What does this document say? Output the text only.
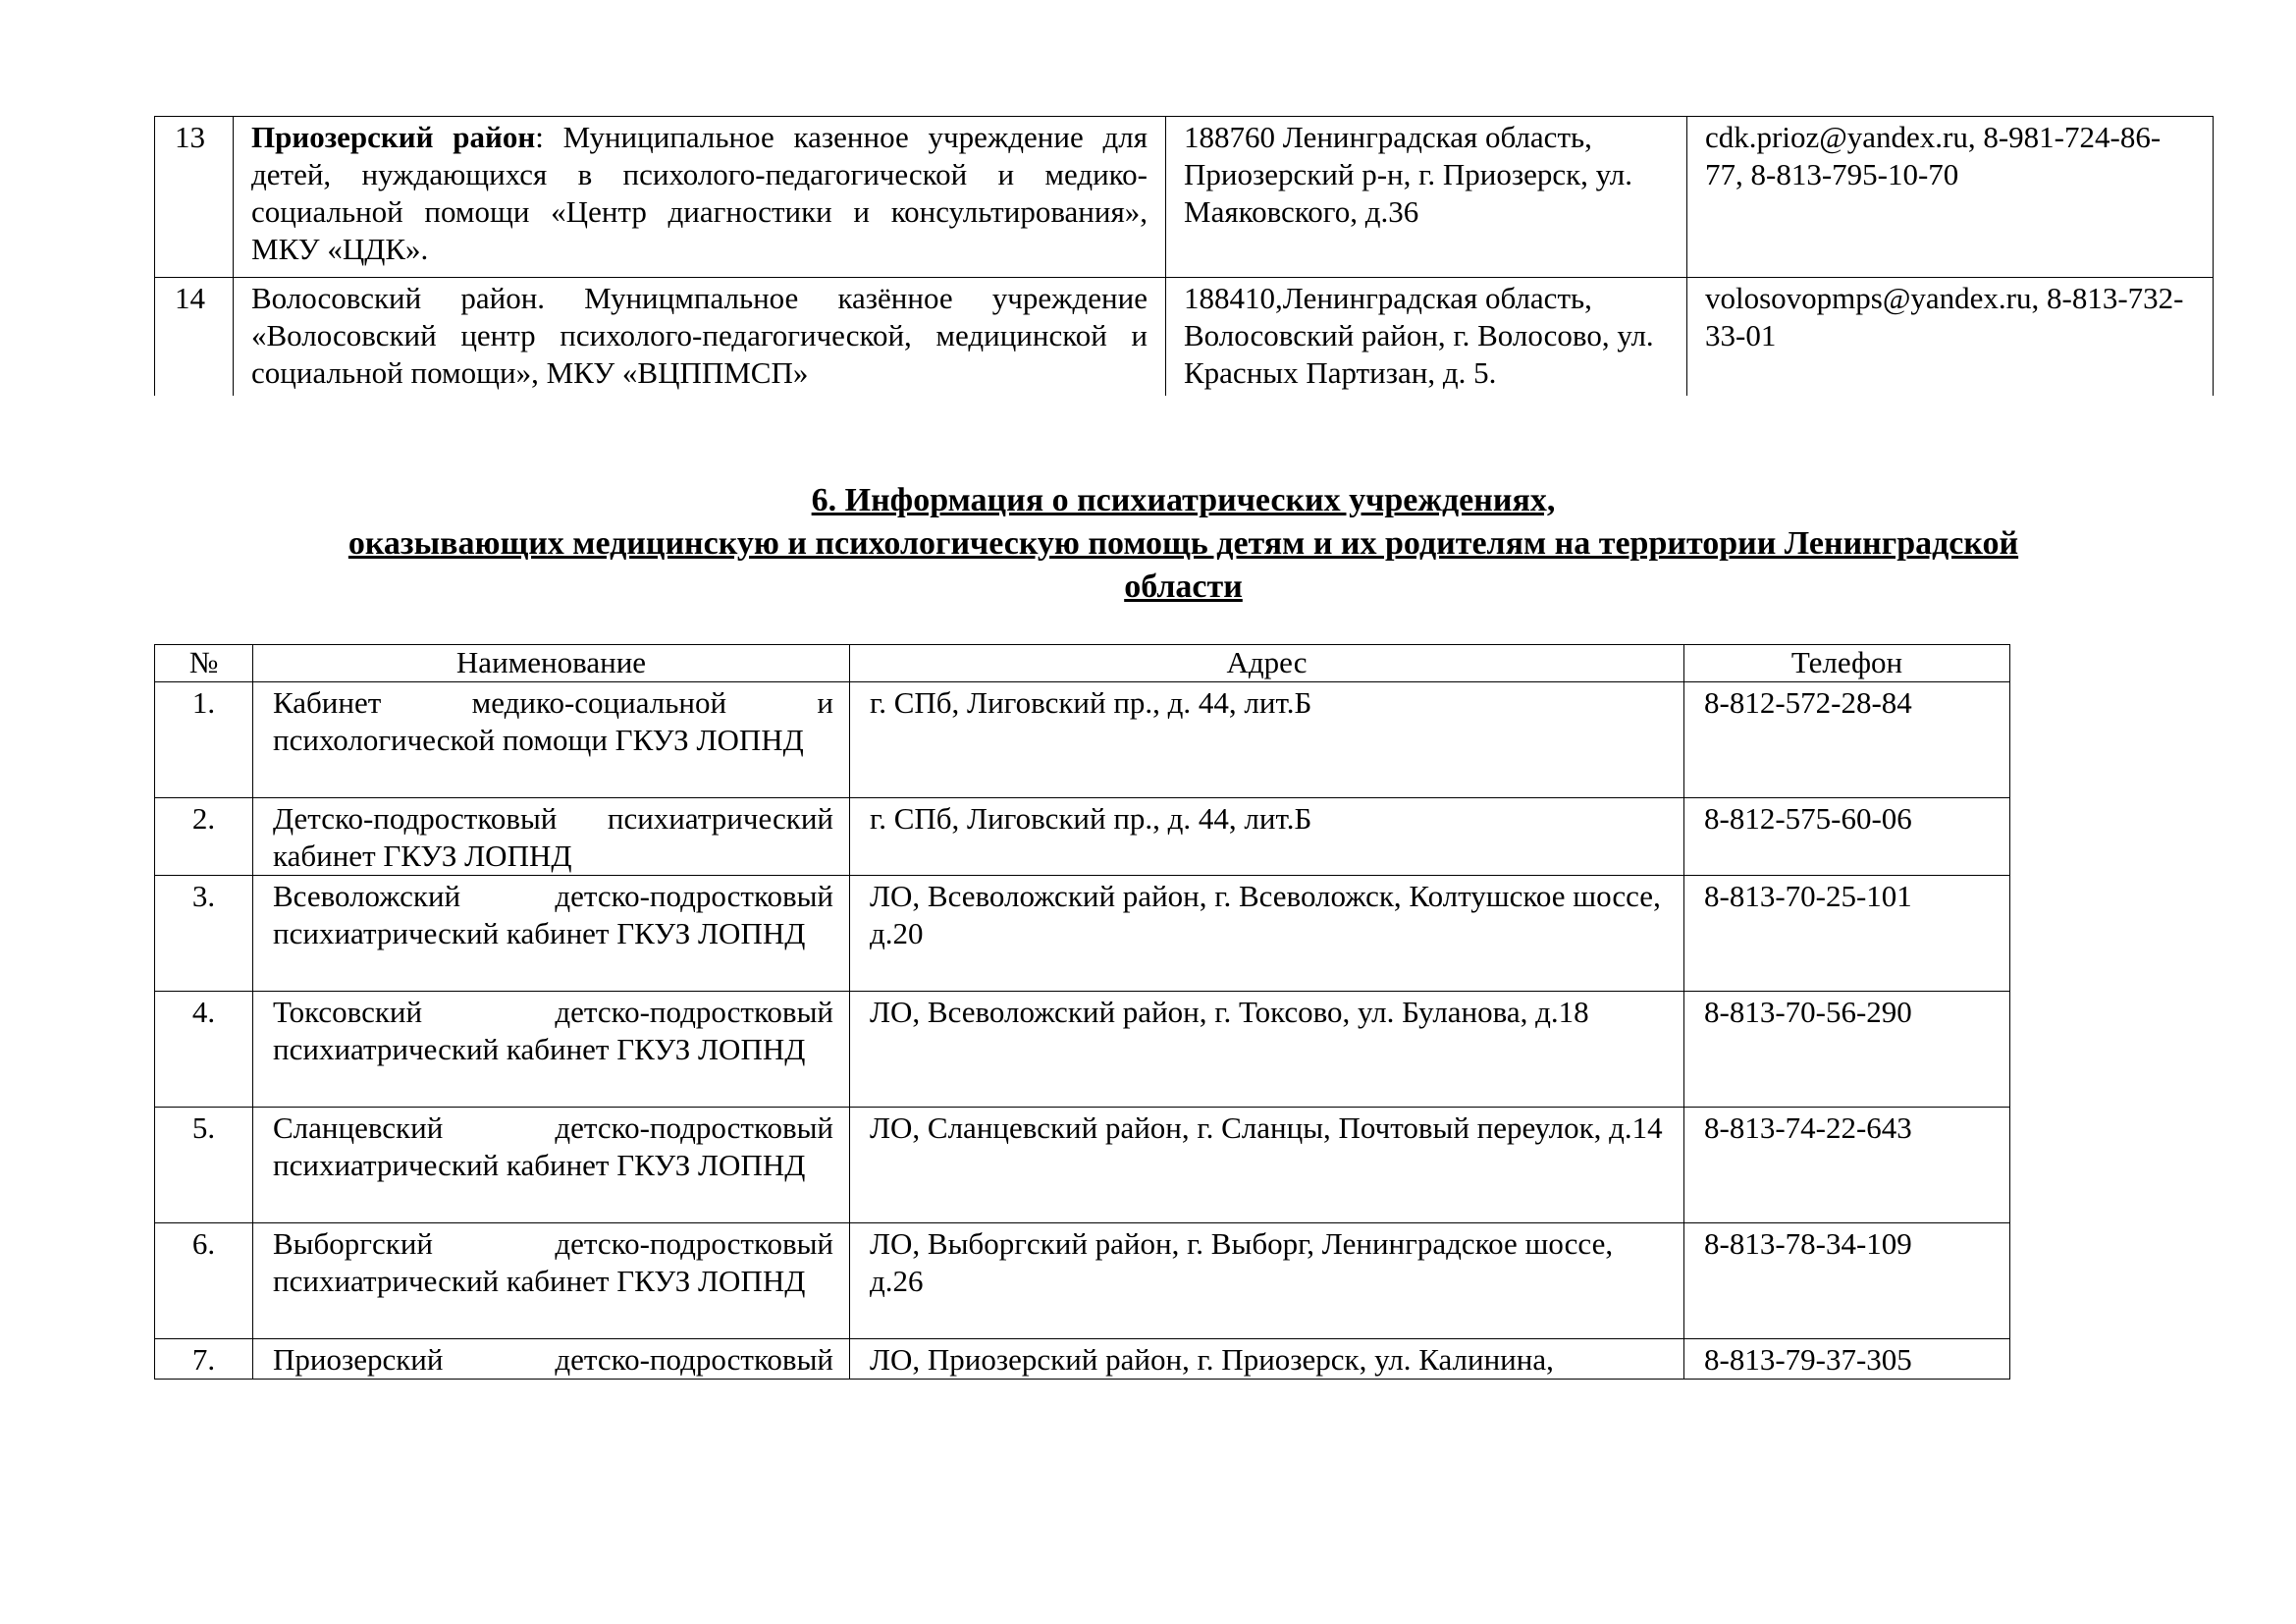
13	Приозерский район: Муниципальное казенное учреждение для детей, нуждающихся в психолого-педагогической и медико-социальной помощи «Центр диагностики и консультирования», МКУ «ЦДК».	188760 Ленинградская область, Приозерский р-н, г. Приозерск, ул. Маяковского, д.36	cdk.prioz@yandex.ru, 8-981-724-86-77, 8-813-795-10-70
14	Волосовский район. Муницмпальное казённое учреждение «Волосовский центр психолого-педагогической, медицинской и социальной помощи», МКУ «ВЦППМСП»	188410,Ленинградская область, Волосовский район, г. Волосово, ул. Красных Партизан, д. 5.	volosovopmps@yandex.ru, 8-813-732-33-01
6. Информация о психиатрических учреждениях,
оказывающих медицинскую и психологическую помощь детям и их родителям на территории Ленинградской
области
№	Наименование	Адрес	Телефон
1.	Кабинет медико-социальной и психологической помощи ГКУЗ ЛОПНД	г. СПб, Лиговский пр., д. 44, лит.Б	8-812-572-28-84
2.	Детско-подростковый психиатрический кабинет ГКУЗ ЛОПНД	г. СПб, Лиговский пр., д. 44, лит.Б	8-812-575-60-06
3.	Всеволожский детско-подростковый психиатрический кабинет ГКУЗ ЛОПНД	ЛО, Всеволожский район, г. Всеволожск, Колтушское шоссе, д.20	8-813-70-25-101
4.	Токсовский детско-подростковый психиатрический кабинет ГКУЗ ЛОПНД	ЛО, Всеволожский район, г. Токсово, ул. Буланова, д.18	8-813-70-56-290
5.	Сланцевский детско-подростковый психиатрический кабинет ГКУЗ ЛОПНД	ЛО, Сланцевский район, г. Сланцы, Почтовый переулок, д.14	8-813-74-22-643
6.	Выборгский детско-подростковый психиатрический кабинет ГКУЗ ЛОПНД	ЛО, Выборгский район, г. Выборг, Ленинградское шоссе, д.26	8-813-78-34-109
7.	Приозерский детско-подростковый	ЛО, Приозерский район, г. Приозерск, ул. Калинина,	8-813-79-37-305
